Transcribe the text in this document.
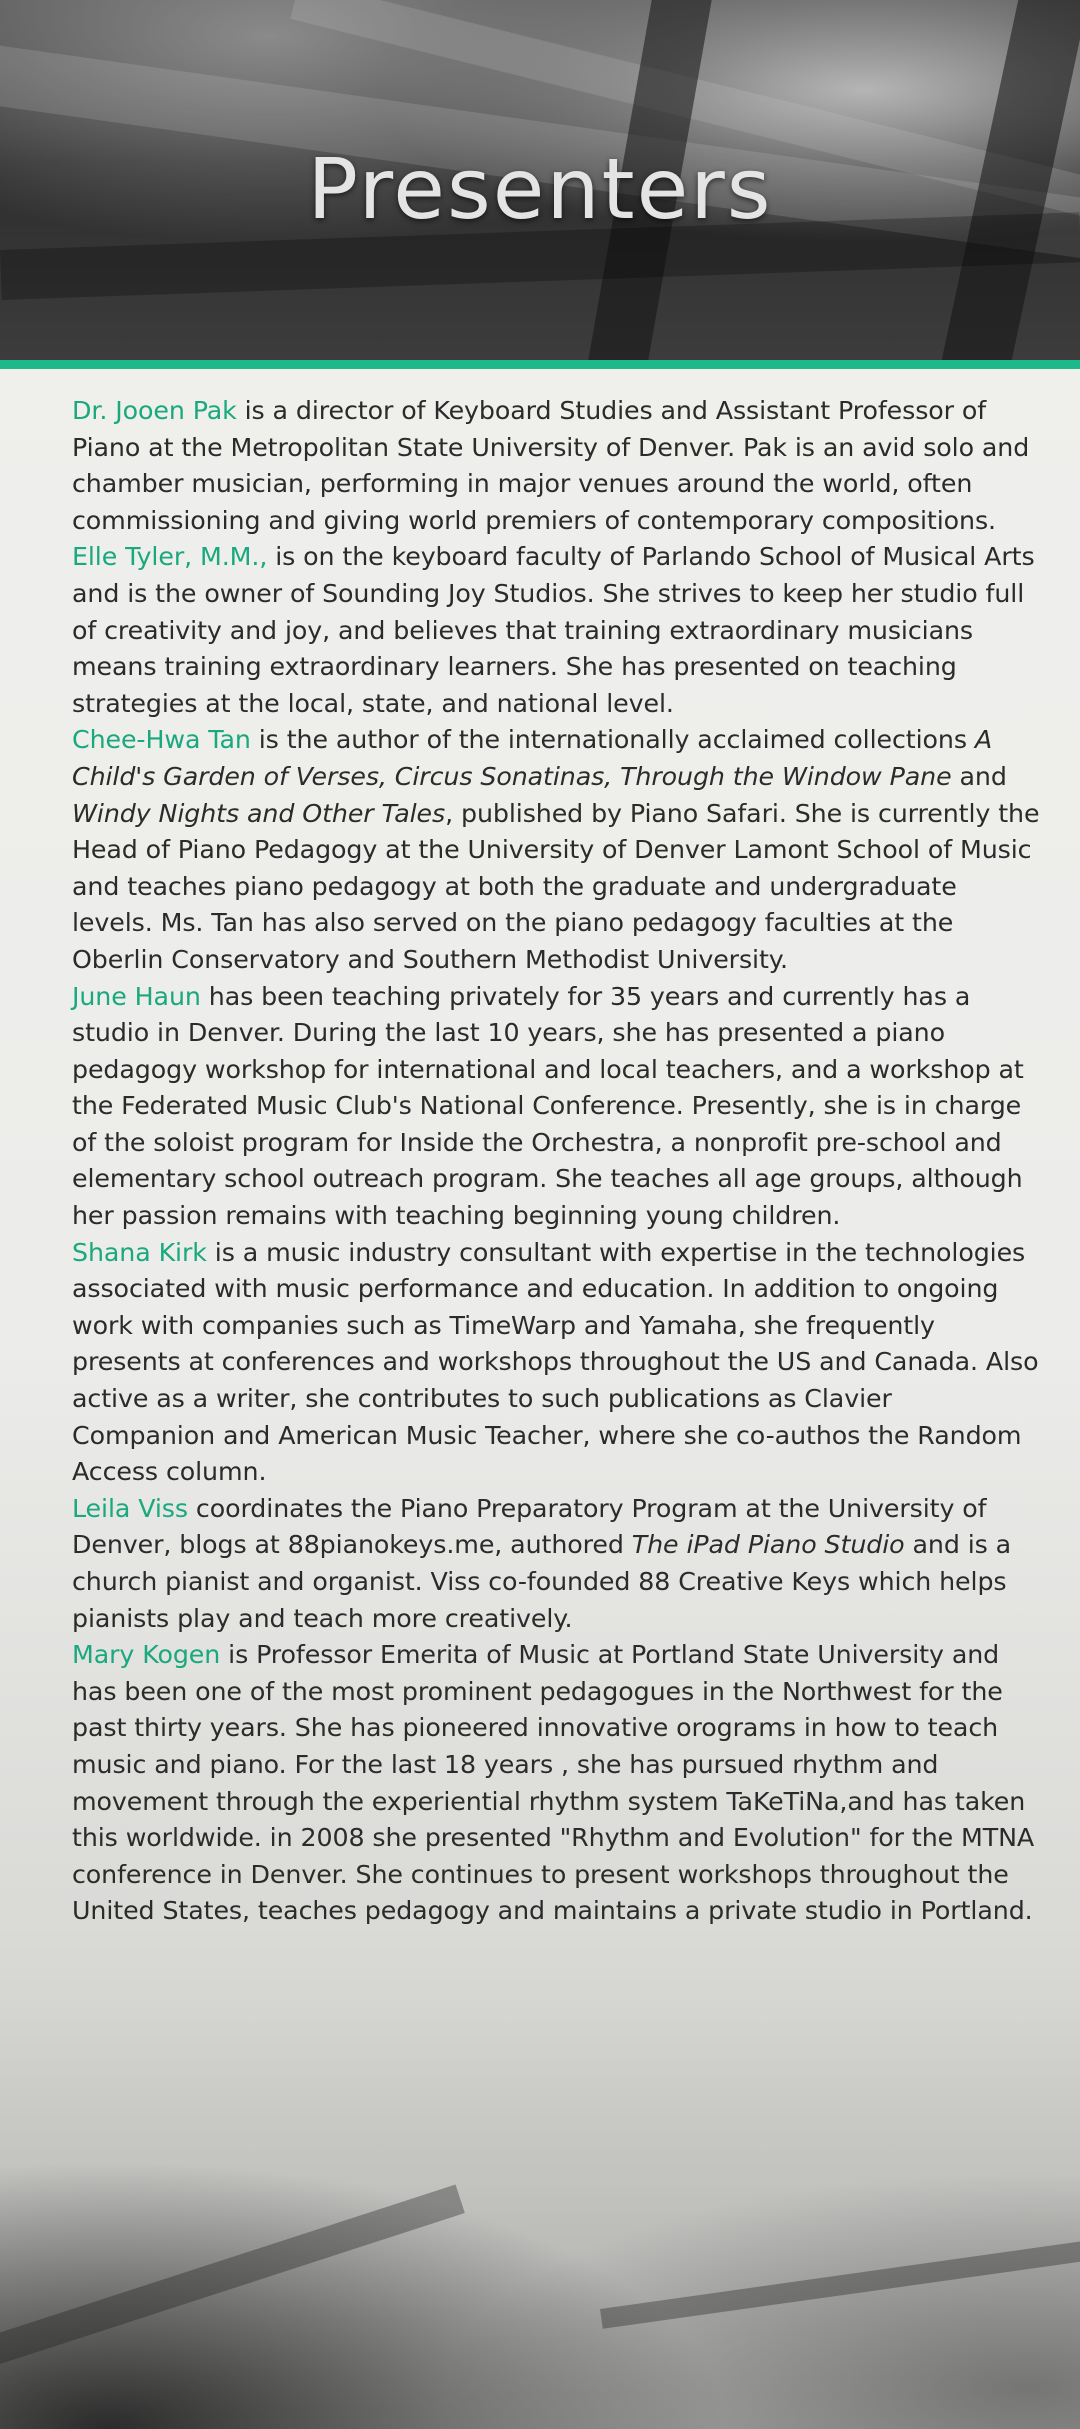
Presenters

Dr. Jooen Pak is a director of Keyboard Studies and Assistant Professor of Piano at the Metropolitan State University of Denver. Pak is an avid solo and chamber musician, performing in major venues around the world, often commissioning and giving world premiers of contemporary compositions.

Elle Tyler, M.M., is on the keyboard faculty of Parlando School of Musical Arts and is the owner of Sounding Joy Studios. She strives to keep her studio full of creativity and joy, and believes that training extraordinary musicians means training extraordinary learners. She has presented on teaching strategies at the local, state, and national level.

Chee-Hwa Tan is the author of the internationally acclaimed collections A Child's Garden of Verses, Circus Sonatinas, Through the Window Pane and Windy Nights and Other Tales, published by Piano Safari. She is currently the Head of Piano Pedagogy at the University of Denver Lamont School of Music and teaches piano pedagogy at both the graduate and undergraduate levels. Ms. Tan has also served on the piano pedagogy faculties at the Oberlin Conservatory and Southern Methodist University.

June Haun has been teaching privately for 35 years and currently has a studio in Denver. During the last 10 years, she has presented a piano pedagogy workshop for international and local teachers, and a workshop at the Federated Music Club's National Conference. Presently, she is in charge of the soloist program for Inside the Orchestra, a nonprofit pre-school and elementary school outreach program. She teaches all age groups, although her passion remains with teaching beginning young children.

Shana Kirk is a music industry consultant with expertise in the technologies associated with music performance and education. In addition to ongoing work with companies such as TimeWarp and Yamaha, she frequently presents at conferences and workshops throughout the US and Canada. Also active as a writer, she contributes to such publications as Clavier Companion and American Music Teacher, where she co-authos the Random Access column.

Leila Viss coordinates the Piano Preparatory Program at the University of Denver, blogs at 88pianokeys.me, authored The iPad Piano Studio and is a church pianist and organist. Viss co-founded 88 Creative Keys which helps pianists play and teach more creatively.

Mary Kogen is Professor Emerita of Music at Portland State University and has been one of the most prominent pedagogues in the Northwest for the past thirty years. She has pioneered innovative orograms in how to teach music and piano. For the last 18 years , she has pursued rhythm and movement through the experiential rhythm system TaKeTiNa,and has taken this worldwide. in 2008 she presented "Rhythm and Evolution" for the MTNA conference in Denver. She continues to present workshops throughout the United States, teaches pedagogy and maintains a private studio in Portland.
